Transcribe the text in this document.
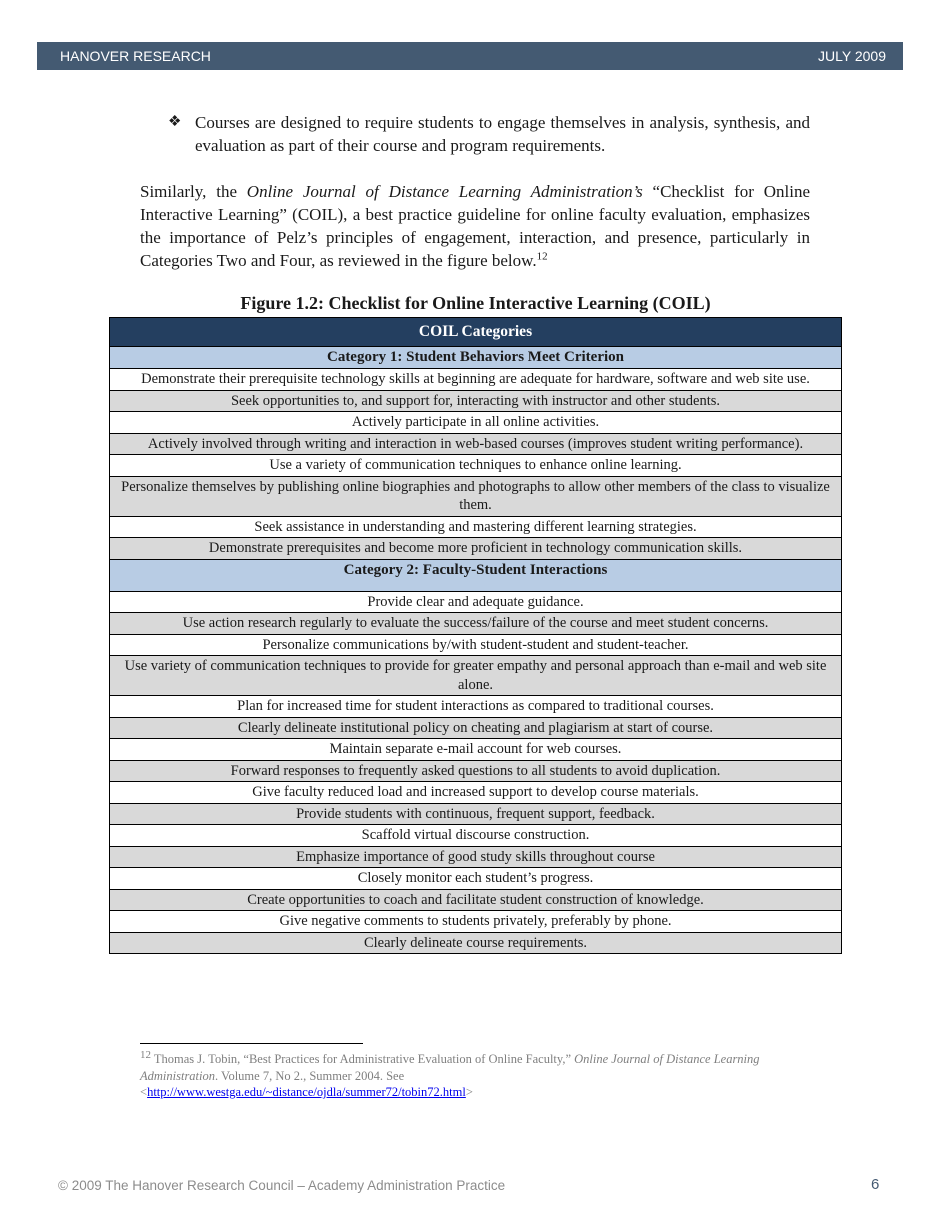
HANOVER RESEARCH	JULY 2009
❖ Courses are designed to require students to engage themselves in analysis, synthesis, and evaluation as part of their course and program requirements.

Similarly, the Online Journal of Distance Learning Administration’s “Checklist for Online Interactive Learning” (COIL), a best practice guideline for online faculty evaluation, emphasizes the importance of Pelz’s principles of engagement, interaction, and presence, particularly in Categories Two and Four, as reviewed in the figure below.$^{12}$

Figure 1.2: Checklist for Online Interactive Learning (COIL)
COIL Categories
Category 1: Student Behaviors Meet Criterion
Demonstrate their prerequisite technology skills at beginning are adequate for hardware, software and web site use.
Seek opportunities to, and support for, interacting with instructor and other students.
Actively participate in all online activities.
Actively involved through writing and interaction in web-based courses (improves student writing performance).
Use a variety of communication techniques to enhance online learning.
Personalize themselves by publishing online biographies and photographs to allow other members of the class to visualize them.
Seek assistance in understanding and mastering different learning strategies.
Demonstrate prerequisites and become more proficient in technology communication skills.
Category 2: Faculty-Student Interactions
Provide clear and adequate guidance.
Use action research regularly to evaluate the success/failure of the course and meet student concerns.
Personalize communications by/with student-student and student-teacher.
Use variety of communication techniques to provide for greater empathy and personal approach than e-mail and web site alone.
Plan for increased time for student interactions as compared to traditional courses.
Clearly delineate institutional policy on cheating and plagiarism at start of course.
Maintain separate e-mail account for web courses.
Forward responses to frequently asked questions to all students to avoid duplication.
Give faculty reduced load and increased support to develop course materials.
Provide students with continuous, frequent support, feedback.
Scaffold virtual discourse construction.
Emphasize importance of good study skills throughout course
Closely monitor each student’s progress.
Create opportunities to coach and facilitate student construction of knowledge.
Give negative comments to students privately, preferably by phone.
Clearly delineate course requirements.
$^{12}$ Thomas J. Tobin, “Best Practices for Administrative Evaluation of Online Faculty,” Online Journal of Distance Learning Administration. Volume 7, No 2., Summer 2004. See
<http://www.westga.edu/~distance/ojdla/summer72/tobin72.html>
© 2009 The Hanover Research Council – Academy Administration Practice	6
